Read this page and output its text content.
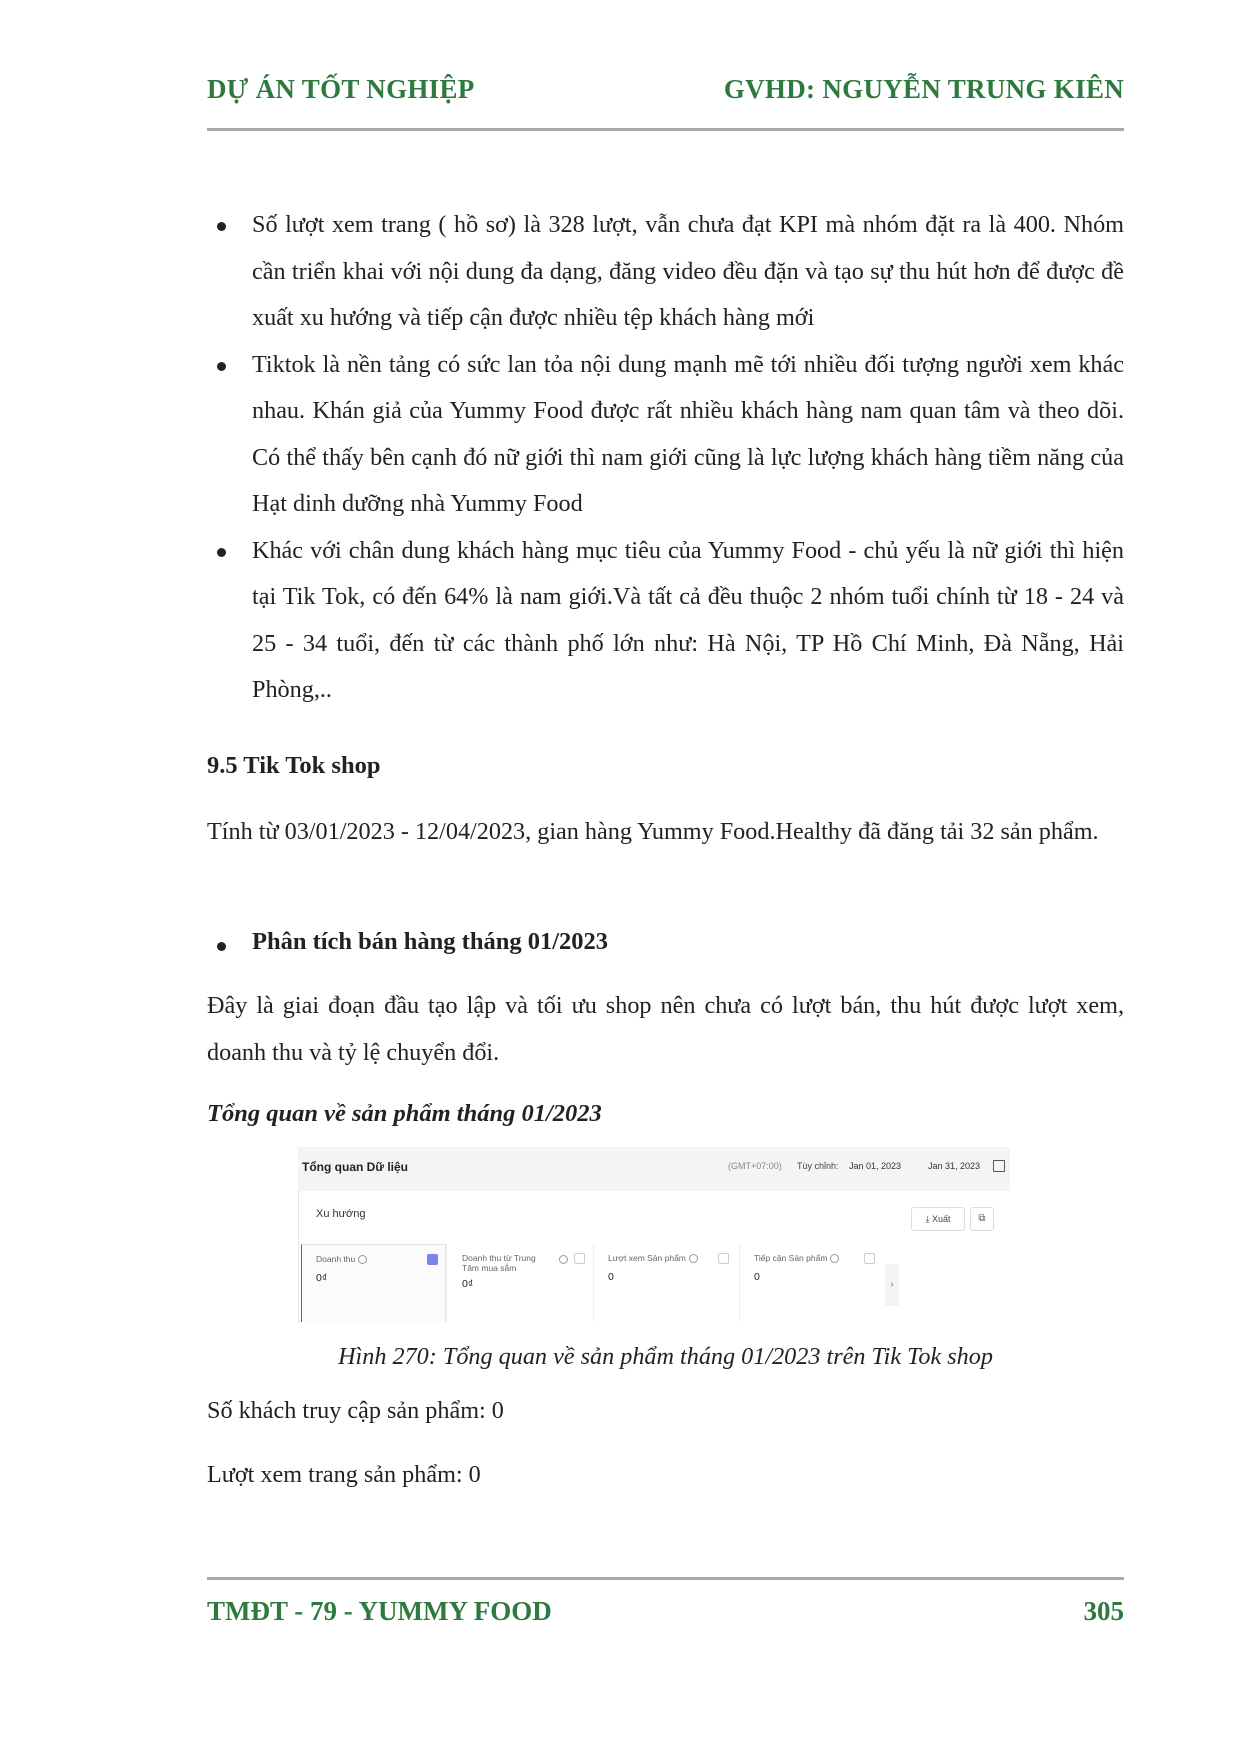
DỰ ÁN TỐT NGHIỆP	GVHD: NGUYỄN TRUNG KIÊN
Số lượt xem trang ( hồ sơ) là 328 lượt, vẫn chưa đạt KPI mà nhóm đặt ra là 400. Nhóm cần triển khai với nội dung đa dạng, đăng video đều đặn và tạo sự thu hút hơn để được đề xuất xu hướng và tiếp cận được nhiều tệp khách hàng mới
Tiktok là nền tảng có sức lan tỏa nội dung mạnh mẽ tới nhiều đối tượng người xem khác nhau. Khán giả của Yummy Food được rất nhiều khách hàng nam quan tâm và theo dõi. Có thể thấy bên cạnh đó nữ giới thì nam giới cũng là lực lượng khách hàng tiềm năng của Hạt dinh dưỡng nhà Yummy Food
Khác với chân dung khách hàng mục tiêu của Yummy Food - chủ yếu là nữ giới thì hiện tại Tik Tok, có đến 64% là nam giới.Và tất cả đều thuộc 2 nhóm tuổi chính từ 18 - 24 và 25 - 34 tuổi, đến từ các thành phố lớn như: Hà Nội, TP Hồ Chí Minh, Đà Nẵng, Hải Phòng,..
9.5 Tik Tok shop
Tính từ 03/01/2023 - 12/04/2023, gian hàng Yummy Food.Healthy đã đăng tải 32 sản phẩm.
Phân tích bán hàng tháng 01/2023
Đây là giai đoạn đầu tạo lập và tối ưu shop nên chưa có lượt bán, thu hút được lượt xem, doanh thu và tỷ lệ chuyển đổi.
Tổng quan về sản phẩm tháng 01/2023
Tổng quan Dữ liệu	(GMT+07:00) Tùy chỉnh: Jan 01, 2023	Jan 31, 2023
Xu hướng	⤓ Xuất	⧉
Doanh thu
0₫
Doanh thu từ Trung Tâm mua sắm
0₫
Lượt xem Sản phẩm
0
Tiếp cận Sản phẩm
0
›
Hình 270: Tổng quan về sản phẩm tháng 01/2023 trên Tik Tok shop
Số khách truy cập sản phẩm: 0
Lượt xem trang sản phẩm: 0
TMĐT - 79 - YUMMY FOOD	305
